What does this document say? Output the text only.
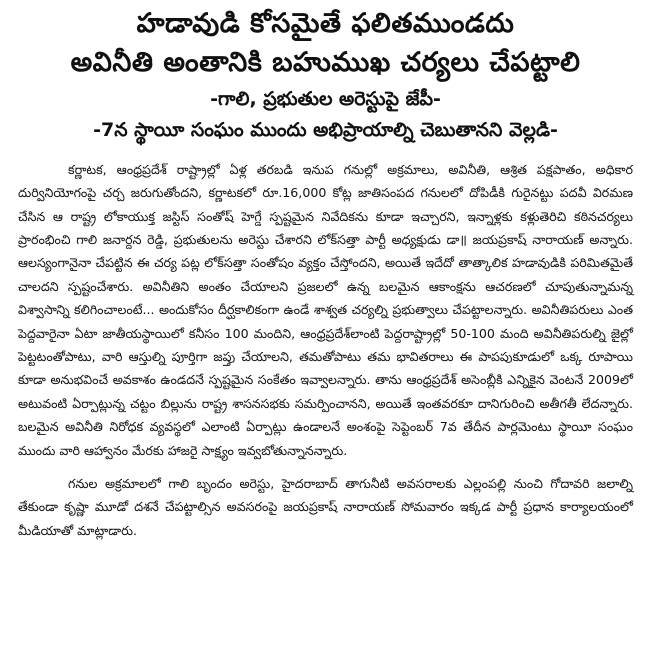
హడావుడి కోసమైతే ఫలితముండదు
అవినీతి అంతానికి బహుముఖ చర్యలు చేపట్టాలి
-గాలి, ప్రభుతుల అరెస్టుపై జేపీ-
-7న స్థాయీ సంఘం ముందు అభిప్రాయాల్ని చెబుతానని వెల్లడి-

కర్ణాటక, ఆంధ్రప్రదేశ్ రాష్ట్రాల్లో ఏళ్ల తరబడి ఇనుప గనుల్లో అక్రమాలు, అవినీతి, ఆశ్రిత పక్షపాతం, అధికార దుర్వినియోగంపై చర్చ జరుగుతోందని, కర్ణాటకలో రూ.16,000 కోట్ల జాతిసంపద గనులలో దోపిడీకి గురైనట్టు పదవీ విరమణ చేసిన ఆ రాష్ట్ర లోకాయుక్త జస్టిస్ సంతోష్ హెగ్డే స్పష్టమైన నివేదికను కూడా ఇచ్చారని, ఇన్నాళ్లకు కళ్లుతెరిచి కఠినచర్యలు ప్రారంభించి గాలి జనార్దన రెడ్డి, ప్రభుతులను అరెస్టు చేశారని లోక్‌సత్తా పార్టీ అధ్యక్షుడు డా॥ జయప్రకాష్ నారాయణ్ అన్నారు. ఆలస్యంగానైనా చేపట్టిన ఈ చర్య పట్ల లోక్‌సత్తా సంతోషం వ్యక్తం చేస్తోందని, అయితే ఇదేదో తాత్కాలిక హడావుడికి పరిమితమైతే చాలదని స్పష్టంచేశారు. అవినీతిని అంతం చేయాలని ప్రజలలో ఉన్న బలమైన ఆకాంక్షను ఆచరణలో చూపుతున్నామన్న విశ్వాసాన్ని కలిగించాలంటే... అందుకోసం దీర్ఘకాలికంగా ఉండే శాశ్వత చర్యల్ని ప్రభుత్వాలు చేపట్టాలన్నారు. అవినీతిపరులు ఎంత పెద్దవారైనా ఏటా జాతీయస్థాయిలో కనీసం 100 మందిని, ఆంధ్రప్రదేశ్‌లాంటి పెద్దరాష్ట్రాల్లో 50-100 మంది అవినీతిపరుల్ని జైల్లో పెట్టటంతోపాటు, వారి ఆస్తుల్ని పూర్తిగా జప్తు చేయాలని, తమతోపాటు తమ భావితరాలు ఈ పాపపుకూడులో ఒక్క రూపాయి కూడా అనుభవించే అవకాశం ఉండదనే స్పష్టమైన సంకేతం ఇవ్వాలన్నారు. తాను ఆంధ్రప్రదేశ్ అసెంబ్లీకి ఎన్నికైన వెంటనే 2009లో అటువంటి ఏర్పాట్లున్న చట్టం బిల్లును రాష్ట్ర శాసనసభకు సమర్పించానని, అయితే ఇంతవరకూ దానిగురించి అతీగతీ లేదన్నారు. బలమైన అవినీతి నిరోధక వ్యవస్థలో ఎలాంటి ఏర్పాట్లు ఉండాలనే అంశంపై సెప్టెంబర్ 7వ తేదీన పార్లమెంటు స్థాయీ సంఘం ముందు వారి ఆహ్వానం మేరకు హాజరై సాక్ష్యం ఇవ్వబోతున్నానన్నారు.

గనుల అక్రమాలలో గాలి బృందం అరెస్టు, హైదరాబాద్ తాగునీటి అవసరాలకు ఎల్లంపల్లి నుంచి గోదావరి జలాల్ని తేకుండా కృష్ణా మూడో దశనే చేపట్టాల్సిన అవసరంపై జయప్రకాష్ నారాయణ్ సోమవారం ఇక్కడ పార్టీ ప్రధాన కార్యాలయంలో మీడియాతో మాట్లాడారు.
